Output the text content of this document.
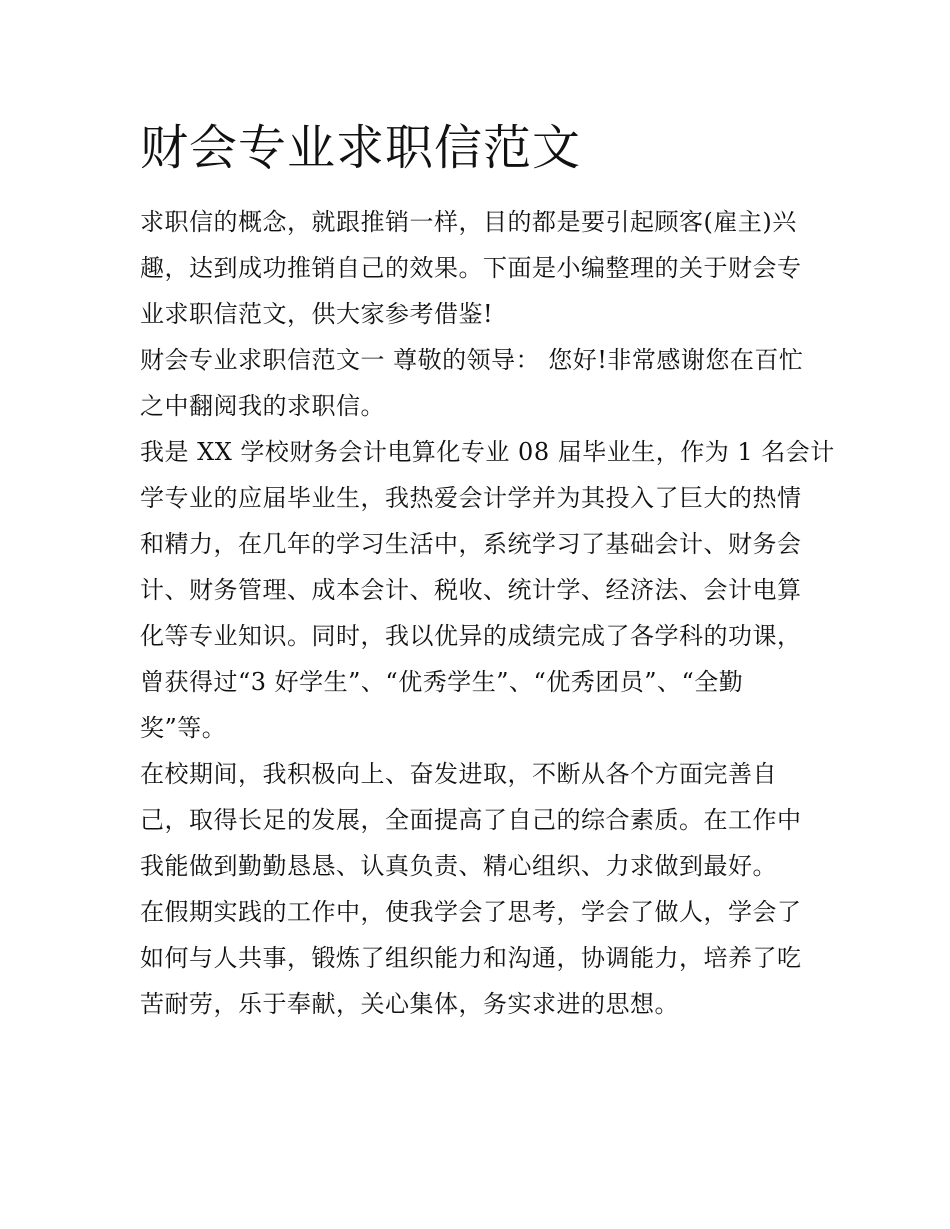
财会专业求职信范文

求职信的概念，就跟推销一样，目的都是要引起顾客(雇主)兴
趣，达到成功推销自己的效果。下面是小编整理的关于财会专
业求职信范文，供大家参考借鉴!

财会专业求职信范文一 尊敬的领导： 您好!非常感谢您在百忙
之中翻阅我的求职信。

我是 XX 学校财务会计电算化专业 08 届毕业生，作为 1 名会计
学专业的应届毕业生，我热爱会计学并为其投入了巨大的热情
和精力，在几年的学习生活中，系统学习了基础会计、财务会
计、财务管理、成本会计、税收、统计学、经济法、会计电算
化等专业知识。同时，我以优异的成绩完成了各学科的功课，
曾获得过“3 好学生”、“优秀学生”、“优秀团员”、“全勤
奖”等。

在校期间，我积极向上、奋发进取，不断从各个方面完善自
己，取得长足的发展，全面提高了自己的综合素质。在工作中
我能做到勤勤恳恳、认真负责、精心组织、力求做到最好。

在假期实践的工作中，使我学会了思考，学会了做人，学会了
如何与人共事，锻炼了组织能力和沟通，协调能力，培养了吃
苦耐劳，乐于奉献，关心集体，务实求进的思想。
